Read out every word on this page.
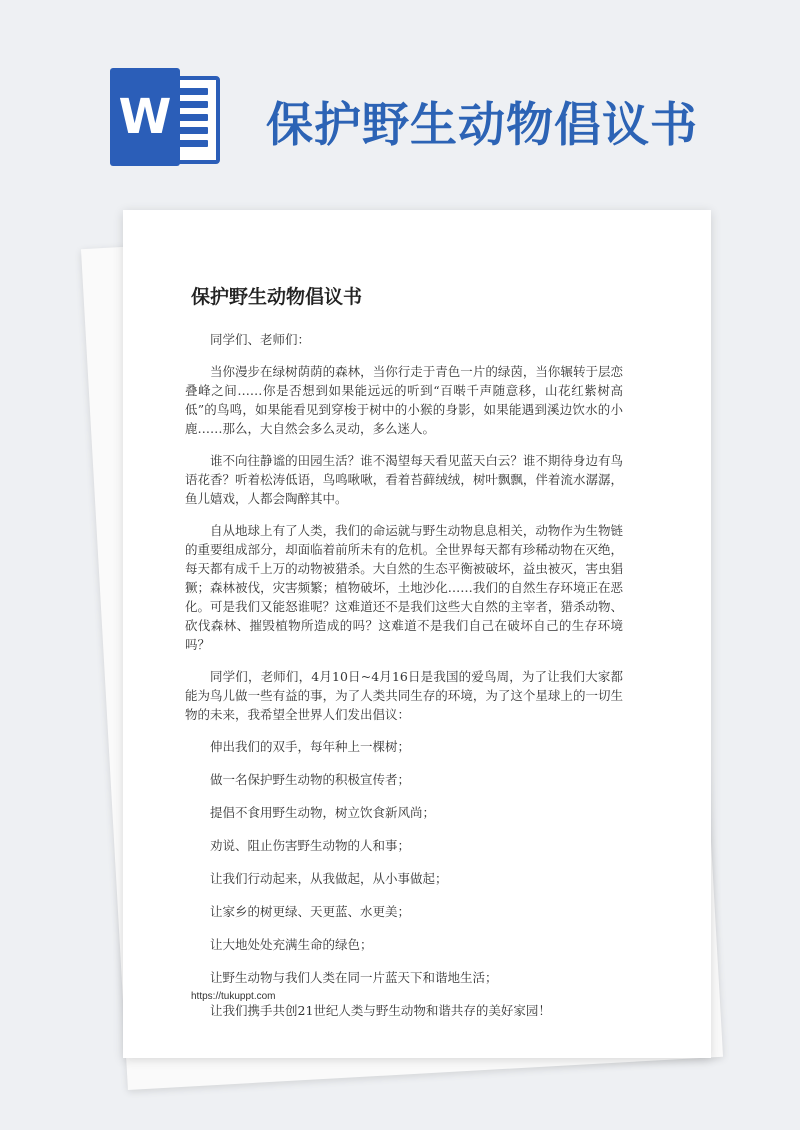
W 保护野生动物倡议书
保护野生动物倡议书

同学们、老师们：

当你漫步在绿树荫荫的森林，当你行走于青色一片的绿茵，当你辗转于层恋叠峰之间……你是否想到如果能远远的听到“百啭千声随意移，山花红紫树高低”的鸟鸣，如果能看见到穿梭于树中的小猴的身影，如果能遇到溪边饮水的小鹿……那么，大自然会多么灵动，多么迷人。

谁不向往静谧的田园生活？谁不渴望每天看见蓝天白云？谁不期待身边有鸟语花香？听着松涛低语，鸟鸣啾啾，看着苔藓绒绒，树叶飘飘，伴着流水潺潺，鱼儿嬉戏，人都会陶醉其中。

自从地球上有了人类，我们的命运就与野生动物息息相关，动物作为生物链的重要组成部分，却面临着前所未有的危机。全世界每天都有珍稀动物在灭绝，每天都有成千上万的动物被猎杀。大自然的生态平衡被破坏，益虫被灭，害虫猖獗；森林被伐，灾害频繁；植物破坏，土地沙化……我们的自然生存环境正在恶化。可是我们又能怒谁呢？这难道还不是我们这些大自然的主宰者，猎杀动物、砍伐森林、摧毁植物所造成的吗？这难道不是我们自己在破坏自己的生存环境吗？

同学们，老师们，4月10日~4月16日是我国的爱鸟周，为了让我们大家都能为鸟儿做一些有益的事，为了人类共同生存的环境，为了这个星球上的一切生物的未来，我希望全世界人们发出倡议：

伸出我们的双手，每年种上一棵树；

做一名保护野生动物的积极宣传者；

提倡不食用野生动物，树立饮食新风尚；

劝说、阻止伤害野生动物的人和事；

让我们行动起来，从我做起，从小事做起；

让家乡的树更绿、天更蓝、水更美；

让大地处处充满生命的绿色；

让野生动物与我们人类在同一片蓝天下和谐地生活；

让我们携手共创21世纪人类与野生动物和谐共存的美好家园！

https://tukuppt.com
